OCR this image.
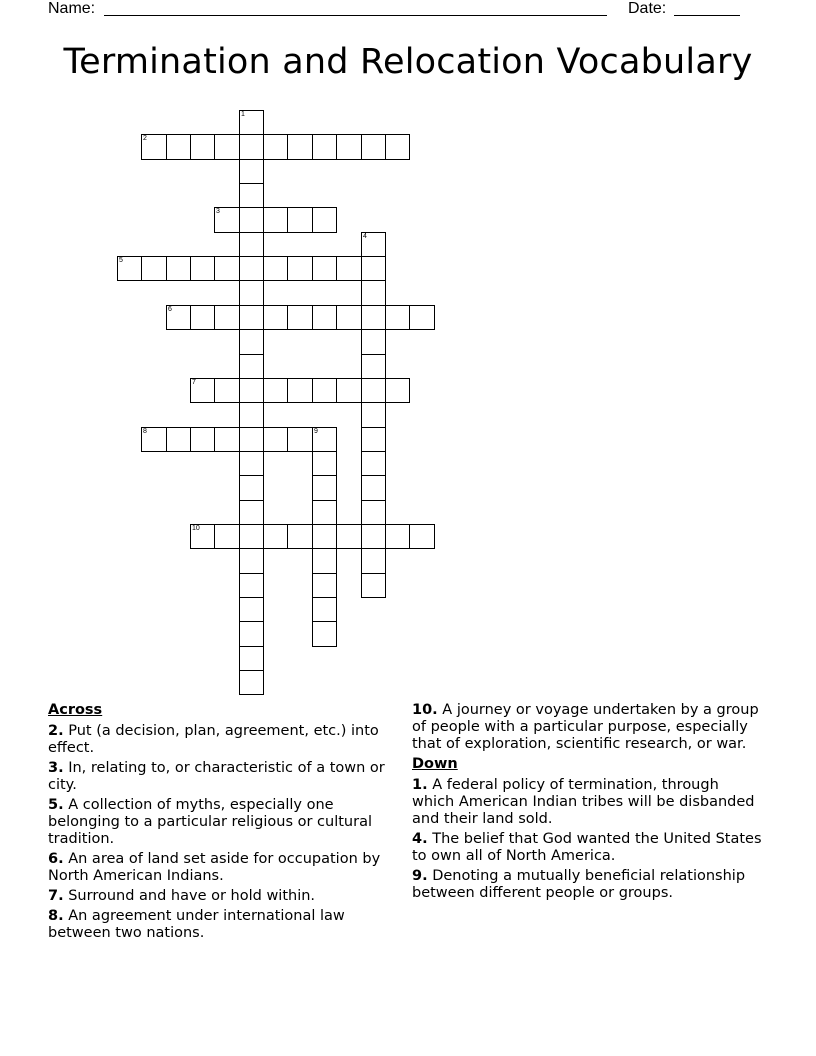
Name:	Date:
Termination and Relocation Vocabulary
1
2
3
4
5
6
7
8	9
10
Across
2. Put (a decision, plan, agreement, etc.) into effect.
3. In, relating to, or characteristic of a town or city.
5. A collection of myths, especially one belonging to a particular religious or cultural tradition.
6. An area of land set aside for occupation by North American Indians.
7. Surround and have or hold within.
8. An agreement under international law between two nations.
10. A journey or voyage undertaken by a group of people with a particular purpose, especially that of exploration, scientific research, or war.
Down
1. A federal policy of termination, through which American Indian tribes will be disbanded and their land sold.
4. The belief that God wanted the United States to own all of North America.
9. Denoting a mutually beneficial relationship between different people or groups.
